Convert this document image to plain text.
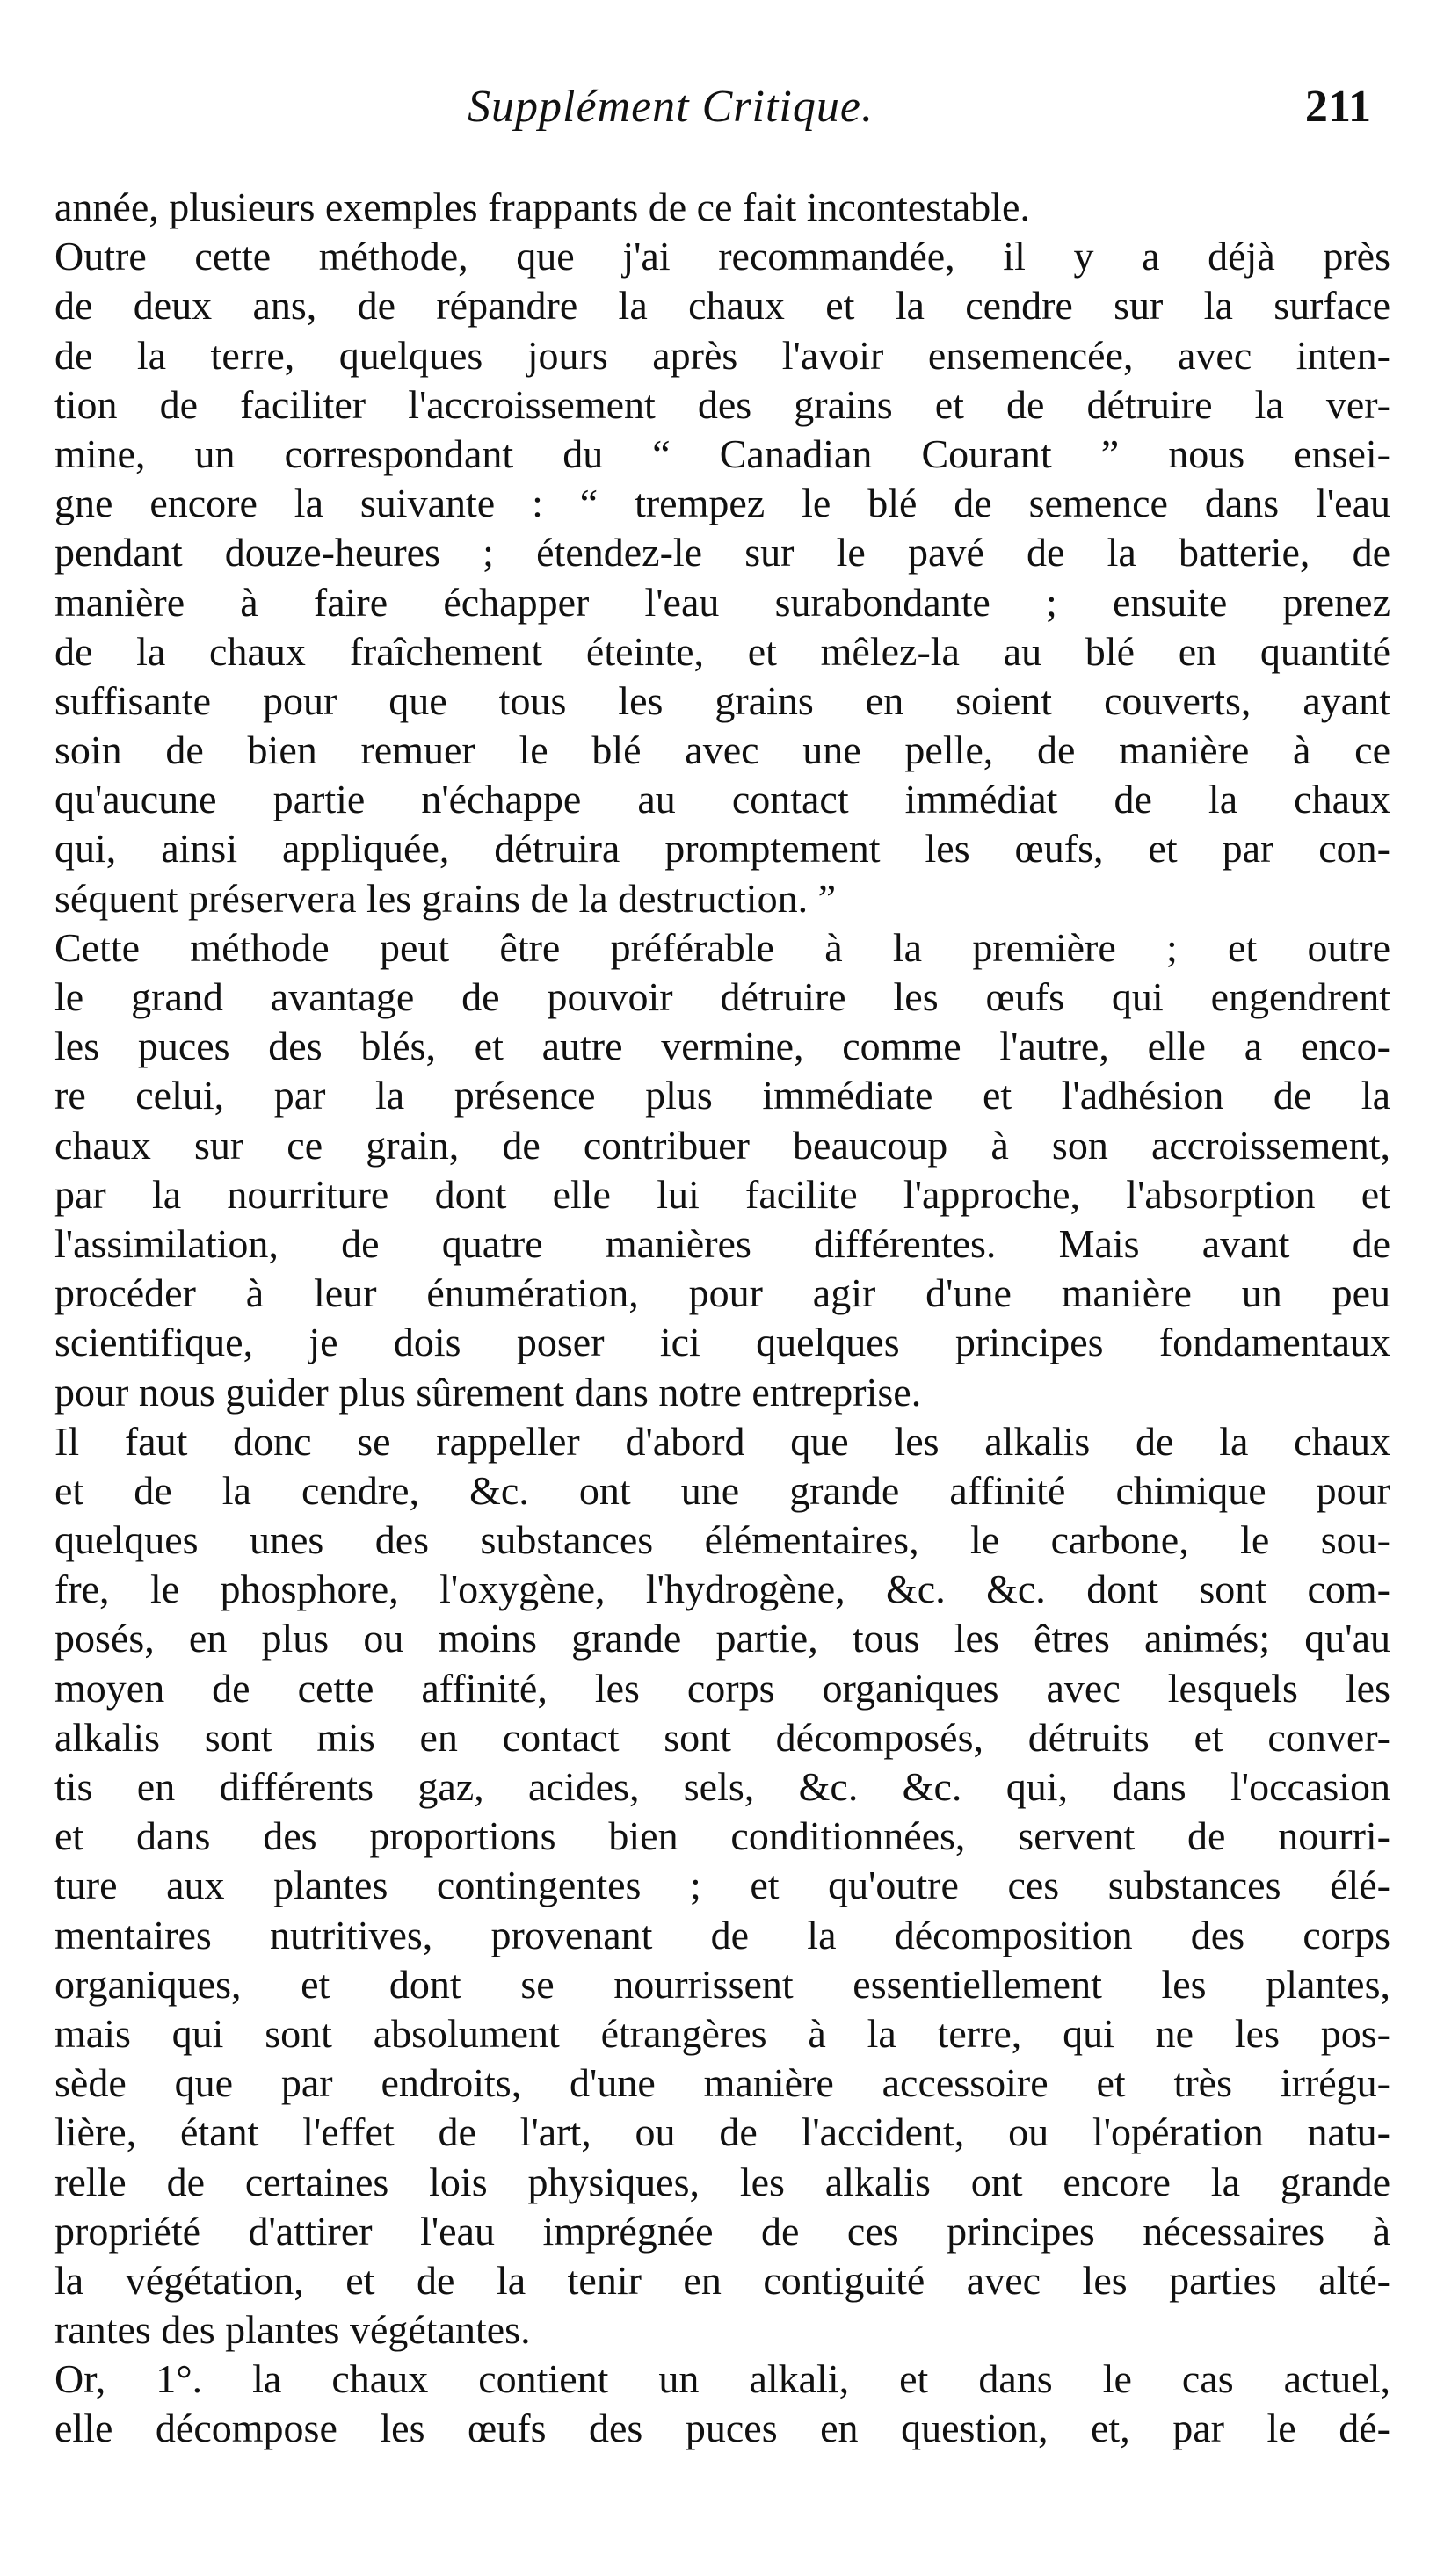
Supplément Critique.	211
année, plusieurs exemples frappants de ce fait incontestable.
Outre cette méthode, que j'ai recommandée, il y a déjà près
de deux ans, de répandre la chaux et la cendre sur la surface
de la terre, quelques jours après l'avoir ensemencée, avec inten-
tion de faciliter l'accroissement des grains et de détruire la ver-
mine, un correspondant du “ Canadian Courant ” nous ensei-
gne encore la suivante : “ trempez le blé de semence dans l'eau
pendant douze-heures ; étendez-le sur le pavé de la batterie, de
manière à faire échapper l'eau surabondante ; ensuite prenez
de la chaux fraîchement éteinte, et mêlez-la au blé en quantité
suffisante pour que tous les grains en soient couverts, ayant
soin de bien remuer le blé avec une pelle, de manière à ce
qu'aucune partie n'échappe au contact immédiat de la chaux
qui, ainsi appliquée, détruira promptement les œufs, et par con-
séquent préservera les grains de la destruction. ”
Cette méthode peut être préférable à la première ; et outre
le grand avantage de pouvoir détruire les œufs qui engendrent
les puces des blés, et autre vermine, comme l'autre, elle a enco-
re celui, par la présence plus immédiate et l'adhésion de la
chaux sur ce grain, de contribuer beaucoup à son accroissement,
par la nourriture dont elle lui facilite l'approche, l'absorption et
l'assimilation, de quatre manières différentes. Mais avant de
procéder à leur énumération, pour agir d'une manière un peu
scientifique, je dois poser ici quelques principes fondamentaux
pour nous guider plus sûrement dans notre entreprise.
Il faut donc se rappeller d'abord que les alkalis de la chaux
et de la cendre, &c. ont une grande affinité chimique pour
quelques unes des substances élémentaires, le carbone, le sou-
fre, le phosphore, l'oxygène, l'hydrogène, &c. &c. dont sont com-
posés, en plus ou moins grande partie, tous les êtres animés; qu'au
moyen de cette affinité, les corps organiques avec lesquels les
alkalis sont mis en contact sont décomposés, détruits et conver-
tis en différents gaz, acides, sels, &c. &c. qui, dans l'occasion
et dans des proportions bien conditionnées, servent de nourri-
ture aux plantes contingentes ; et qu'outre ces substances élé-
mentaires nutritives, provenant de la décomposition des corps
organiques, et dont se nourrissent essentiellement les plantes,
mais qui sont absolument étrangères à la terre, qui ne les pos-
sède que par endroits, d'une manière accessoire et très irrégu-
lière, étant l'effet de l'art, ou de l'accident, ou l'opération natu-
relle de certaines lois physiques, les alkalis ont encore la grande
propriété d'attirer l'eau imprégnée de ces principes nécessaires à
la végétation, et de la tenir en contiguité avec les parties alté-
rantes des plantes végétantes.
Or, 1°. la chaux contient un alkali, et dans le cas actuel,
elle décompose les œufs des puces en question, et, par le dé-
